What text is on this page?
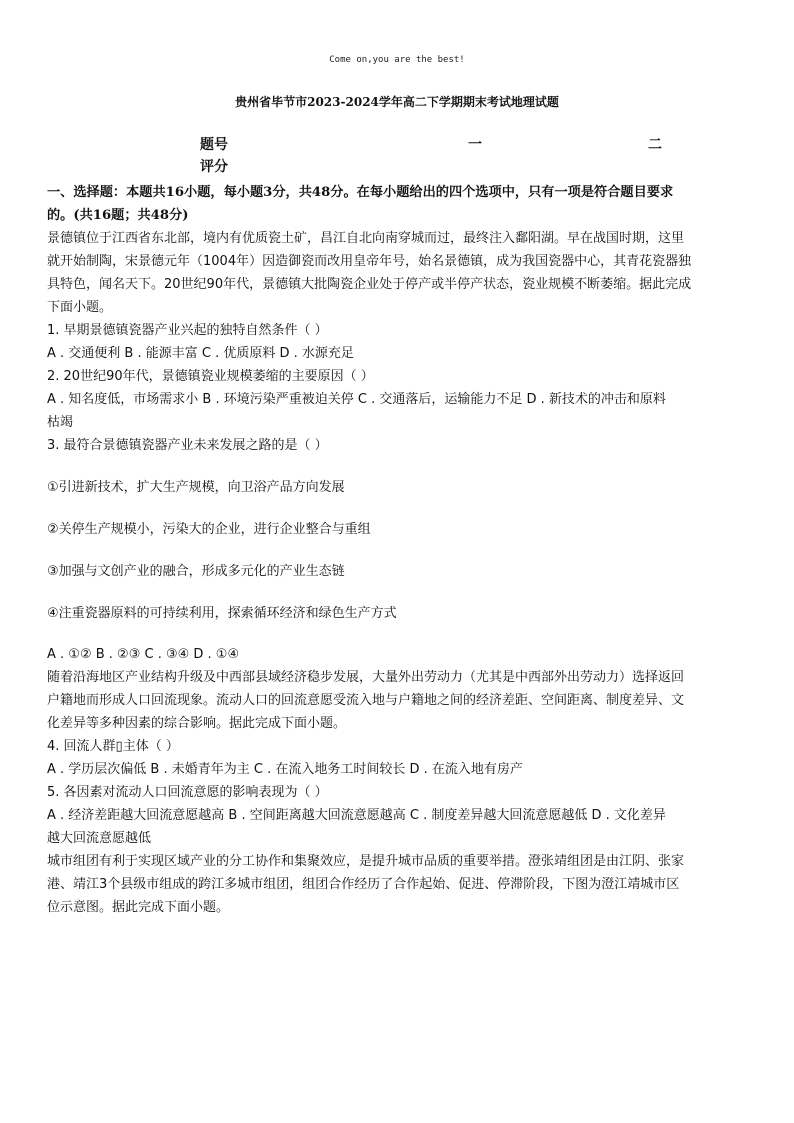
Come on,you are the best!
贵州省毕节市2023-2024学年高二下学期期末考试地理试题
题号	一	二
评分

一、选择题：本题共16小题，每小题3分，共48分。在每小题给出的四个选项中，只有一项是符合题目要求

的。(共16题；共48分)

景德镇位于江西省东北部，境内有优质瓷土矿，昌江自北向南穿城而过，最终注入鄱阳湖。早在战国时期，这里

就开始制陶，宋景德元年（1004年）因造御瓷而改用皇帝年号，始名景德镇，成为我国瓷器中心，其青花瓷器独

具特色，闻名天下。20世纪90年代，景德镇大批陶瓷企业处于停产或半停产状态，瓷业规模不断萎缩。据此完成

下面小题。

1. 早期景德镇瓷器产业兴起的独特自然条件（ ）

A . 交通便利 B . 能源丰富 C . 优质原料 D . 水源充足

2. 20世纪90年代，景德镇瓷业规模萎缩的主要原因（ ）

A . 知名度低，市场需求小 B . 环境污染严重被迫关停 C . 交通落后，运输能力不足 D . 新技术的冲击和原料

枯竭

3. 最符合景德镇瓷器产业未来发展之路的是（ ）

①引进新技术，扩大生产规模，向卫浴产品方向发展

②关停生产规模小，污染大的企业，进行企业整合与重组

③加强与文创产业的融合，形成多元化的产业生态链

④注重瓷器原料的可持续利用，探索循环经济和绿色生产方式

A . ①② B . ②③ C . ③④ D . ①④

随着沿海地区产业结构升级及中西部县域经济稳步发展，大量外出劳动力（尤其是中西部外出劳动力）选择返回

户籍地而形成人口回流现象。流动人口的回流意愿受流入地与户籍地之间的经济差距、空间距离、制度差异、文

化差异等多种因素的综合影响。据此完成下面小题。

4. 回流人群▯主体（ ）

A . 学历层次偏低 B . 未婚青年为主 C . 在流入地务工时间较长 D . 在流入地有房产

5. 各因素对流动人口回流意愿的影响表现为（ ）

A . 经济差距越大回流意愿越高 B . 空间距离越大回流意愿越高 C . 制度差异越大回流意愿越低 D . 文化差异

越大回流意愿越低

城市组团有利于实现区域产业的分工协作和集聚效应，是提升城市品质的重要举措。澄张靖组团是由江阴、张家

港、靖江3个县级市组成的跨江多城市组团，组团合作经历了合作起始、促进、停滞阶段，下图为澄江靖城市区

位示意图。据此完成下面小题。
